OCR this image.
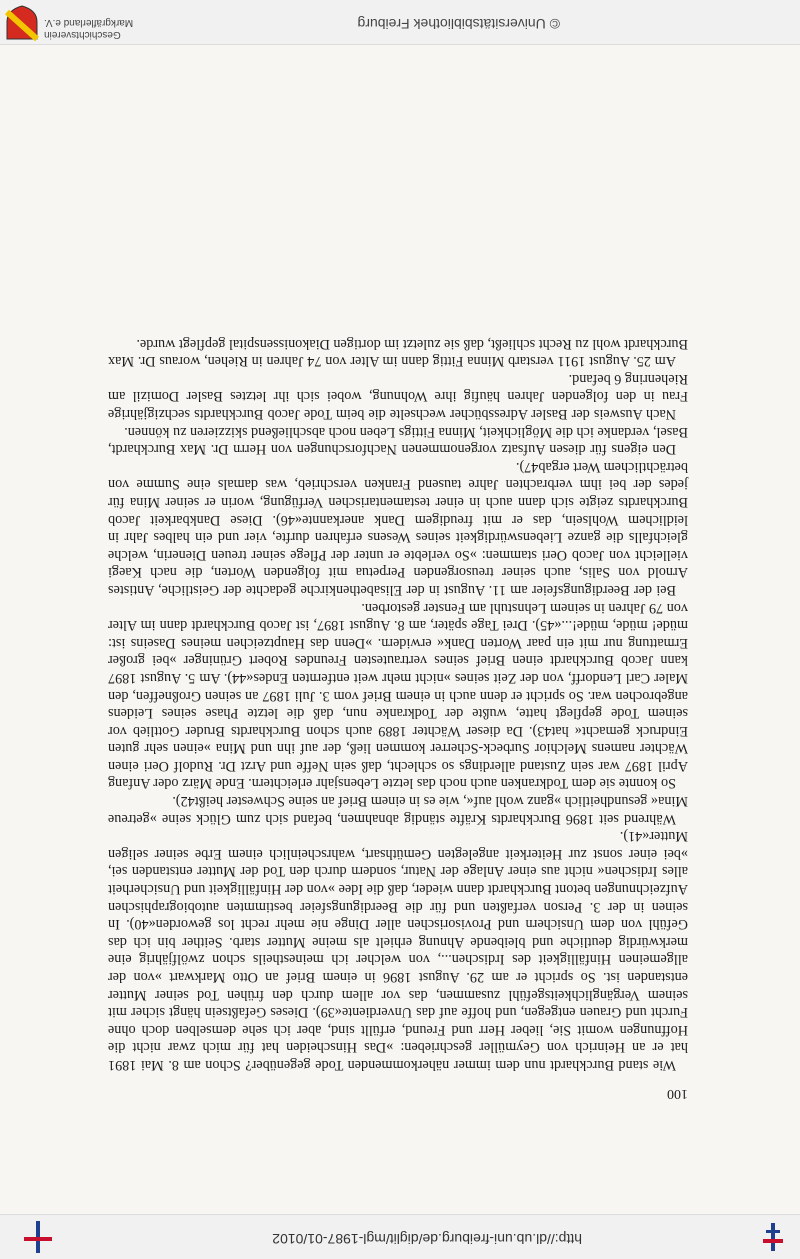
http://dl.ub.uni-freiburg.de/diglit/mgl-1987-01/0102

Wie stand Burckhardt nun dem immer näherkommenden Tode gegenüber? Schon am 8. Mai 1891 hat er an Heinrich von Geymüller geschrieben: »Das Hinscheiden hat für mich zwar nicht die Hoffnungen womit Sie, lieber Herr und Freund, erfüllt sind, aber ich sehe demselben doch ohne Furcht und Grauen entgegen, und hoffe auf das Unverdiente«39). Dieses Gefaßtsein hängt sicher mit seinem Vergänglichkeitsgefühl zusammen, das vor allem durch den frühen Tod seiner Mutter entstanden ist. So spricht er am 29. August 1896 in einem Brief an Otto Markwart »von der allgemeinen Hinfälligkeit des Irdischen..., von welcher ich meinestheils schon zwölfjährig eine merkwürdig deutliche und bleibende Ahnung erhielt als meine Mutter starb. Seither bin ich das Gefühl von dem Unsichern und Provisorischen aller Dinge nie mehr recht los geworden«40). In seinen in der 3. Person verfaßten und für die Beerdigungsfeier bestimmten autobiographischen Aufzeichnungen betont Burckhardt dann wieder, daß die Idee »von der Hinfälligkeit und Unsicherheit alles Irdischen« nicht aus einer Anlage der Natur, sondern durch den Tod der Mutter entstanden sei, »bei einer sonst zur Heiterkeit angelegten Gemüthsart, wahrscheinlich einem Erbe seiner seligen Mutter«41).

Während seit 1896 Burckhardts Kräfte ständig abnahmen, befand sich zum Glück seine »getreue Mina« gesundheitlich »ganz wohl auf«, wie es in einem Brief an seine Schwester heißt42).

So konnte sie dem Todkranken auch noch das letzte Lebensjahr erleichtern. Ende März oder Anfang April 1897 war sein Zustand allerdings so schlecht, daß sein Neffe und Arzt Dr. Rudolf Oeri einen Wächter namens Melchior Surbeck-Scherrer kommen ließ, der auf ihn und Mina »einen sehr guten Eindruck gemacht« hat43). Da dieser Wächter 1889 auch schon Burckhardts Bruder Gottlieb vor seinem Tode gepflegt hatte, wußte der Todkranke nun, daß die letzte Phase seines Leidens angebrochen war. So spricht er denn auch in einem Brief vom 3. Juli 1897 an seinen Großneffen, den Maler Carl Lendorff, von der Zeit seines »nicht mehr weit entfernten Endes«44). Am 5. August 1897 kann Jacob Burckhardt einen Brief seines vertrautesten Freundes Robert Grüninger »bei großer Ermattung nur mit ein paar Worten Dank« erwidern. »Denn das Hauptzeichen meines Daseins ist: müde! müde, müde!...«45). Drei Tage später, am 8. August 1897, ist Jacob Burckhardt dann im Alter von 79 Jahren in seinem Lehnstuhl am Fenster gestorben.

Bei der Beerdigungsfeier am 11. August in der Elisabethenkirche gedachte der Geistliche, Antistes Arnold von Salis, auch seiner treusorgenden Perpetua mit folgenden Worten, die nach Kaegi vielleicht von Jacob Oeri stammen: »So verlebte er unter der Pflege seiner treuen Dienerin, welche gleichfalls die ganze Liebenswürdigkeit seines Wesens erfahren durfte, vier und ein halbes Jahr in leidlichem Wohlsein, das er mit freudigem Dank anerkannte«46). Diese Dankbarkeit Jacob Burckhardts zeigte sich dann auch in einer testamentarischen Verfügung, worin er seiner Mina für jedes der bei ihm verbrachten Jahre tausend Franken verschrieb, was damals eine Summe von beträchtlichem Wert ergab47).

Den eigens für diesen Aufsatz vorgenommenen Nachforschungen von Herrn Dr. Max Burckhardt, Basel, verdanke ich die Möglichkeit, Minna Fittigs Leben noch abschließend skizzieren zu können.

Nach Ausweis der Basler Adressbücher wechselte die beim Tode Jacob Burckhardts sechzigjährige Frau in den folgenden Jahren häufig ihre Wohnung, wobei sich ihr letztes Basler Domizil am Riehenring 6 befand.

Am 25. August 1911 verstarb Minna Fittig dann im Alter von 74 Jahren in Riehen, woraus Dr. Max Burckhardt wohl zu Recht schließt, daß sie zuletzt im dortigen Diakonissenspital gepflegt wurde.

100
© Universitätsbibliothek Freiburg
Geschichtsverein
Markgräflerland e.V.
